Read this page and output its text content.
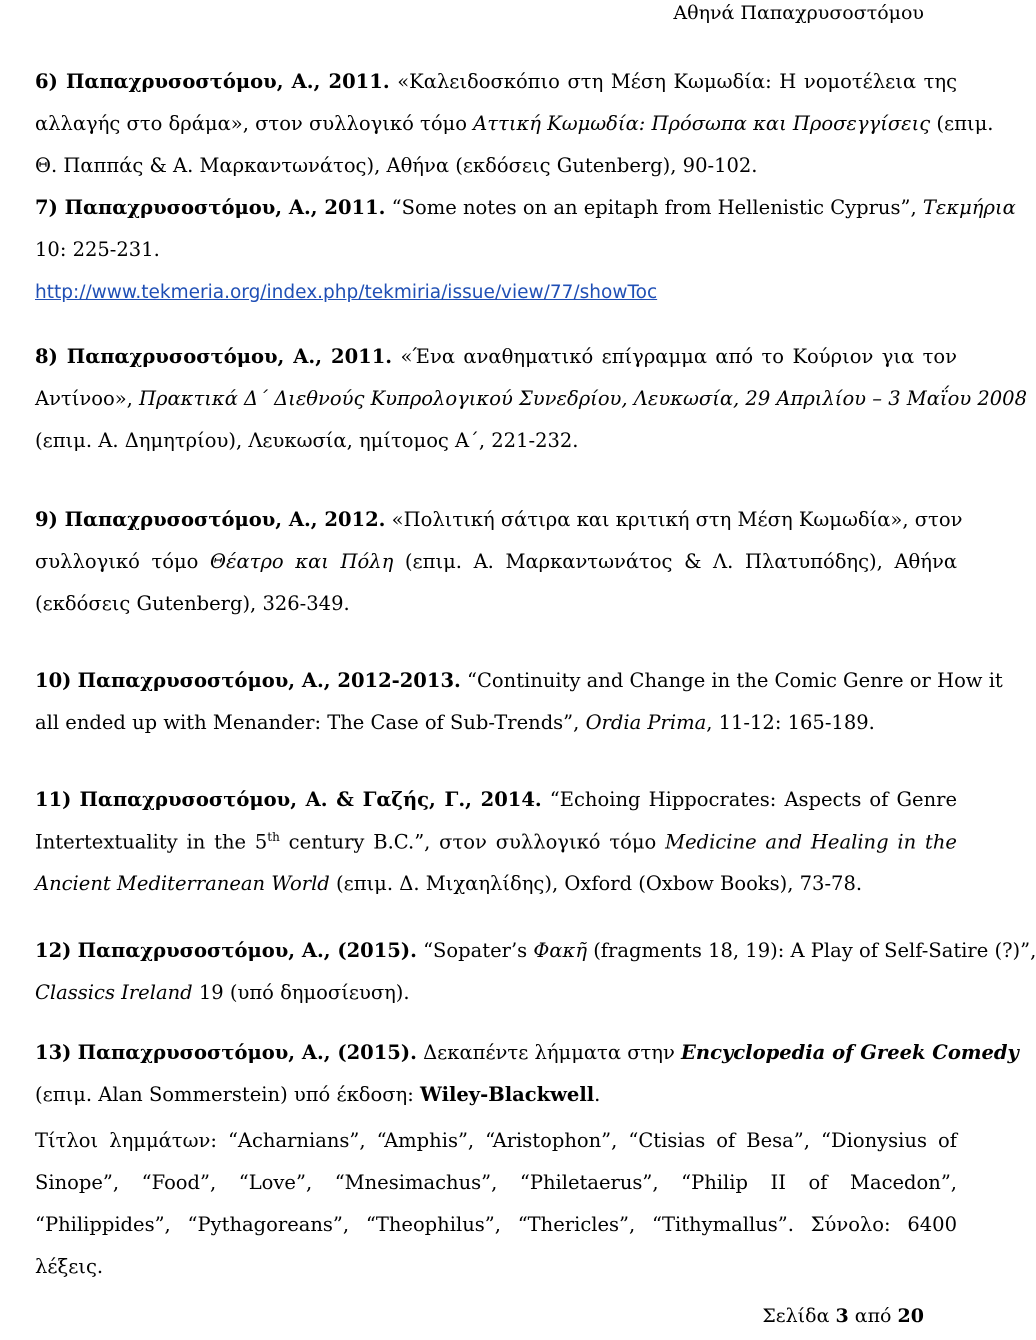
Αθηνά Παπαχρυσοστόμου
6) Παπαχρυσοστόμου, Α., 2011. «Καλειδοσκόπιο στη Μέση Κωμωδία: Η νομοτέλεια της
αλλαγής στο δράμα», στον συλλογικό τόμο Αττική Κωμωδία: Πρόσωπα και Προσεγγίσεις (επιμ.
Θ. Παππάς & Α. Μαρκαντωνάτος), Αθήνα (εκδόσεις Gutenberg), 90-102.
7) Παπαχρυσοστόμου, Α., 2011. “Some notes on an epitaph from Hellenistic Cyprus”, Τεκμήρια
10: 225-231.
http://www.tekmeria.org/index.php/tekmiria/issue/view/77/showToc
8) Παπαχρυσοστόμου, Α., 2011. «Ένα αναθηματικό επίγραμμα από το Κούριον για τον
Αντίνοο», Πρακτικά Δ΄ Διεθνούς Κυπρολογικού Συνεδρίου, Λευκωσία, 29 Απριλίου – 3 Μαΐου 2008
(επιμ. Α. Δημητρίου), Λευκωσία, ημίτομος Α΄, 221-232.
9) Παπαχρυσοστόμου, Α., 2012. «Πολιτική σάτιρα και κριτική στη Μέση Κωμωδία», στον
συλλογικό τόμο Θέατρο και Πόλη (επιμ. Α. Μαρκαντωνάτος & Λ. Πλατυπόδης), Αθήνα
(εκδόσεις Gutenberg), 326-349.
10) Παπαχρυσοστόμου, Α., 2012-2013. “Continuity and Change in the Comic Genre or How it
all ended up with Menander: The Case of Sub-Trends”, Ordia Prima, 11-12: 165-189.
11) Παπαχρυσοστόμου, Α. & Γαζής, Γ., 2014. “Echoing Hippocrates: Aspects of Genre
Intertextuality in the 5th century B.C.”, στον συλλογικό τόμο Medicine and Healing in the
Ancient Mediterranean World (επιμ. Δ. Μιχαηλίδης), Oxford (Oxbow Books), 73-78.
12) Παπαχρυσοστόμου, Α., (2015). “Sopater’s Φακῆ (fragments 18, 19): A Play of Self-Satire (?)”,
Classics Ireland 19 (υπό δημοσίευση).
13) Παπαχρυσοστόμου, Α., (2015). Δεκαπέντε λήμματα στην Encyclopedia of Greek Comedy
(επιμ. Alan Sommerstein) υπό έκδοση: Wiley-Blackwell.
Τίτλοι λημμάτων: “Acharnians”, “Amphis”, “Aristophon”, “Ctisias of Besa”, “Dionysius of
Sinope”, “Food”, “Love”, “Mnesimachus”, “Philetaerus”, “Philip II of Macedon”,
“Philippides”, “Pythagoreans”, “Theophilus”, “Thericles”, “Tithymallus”. Σύνολο: 6400
λέξεις.
Σελίδα 3 από 20
